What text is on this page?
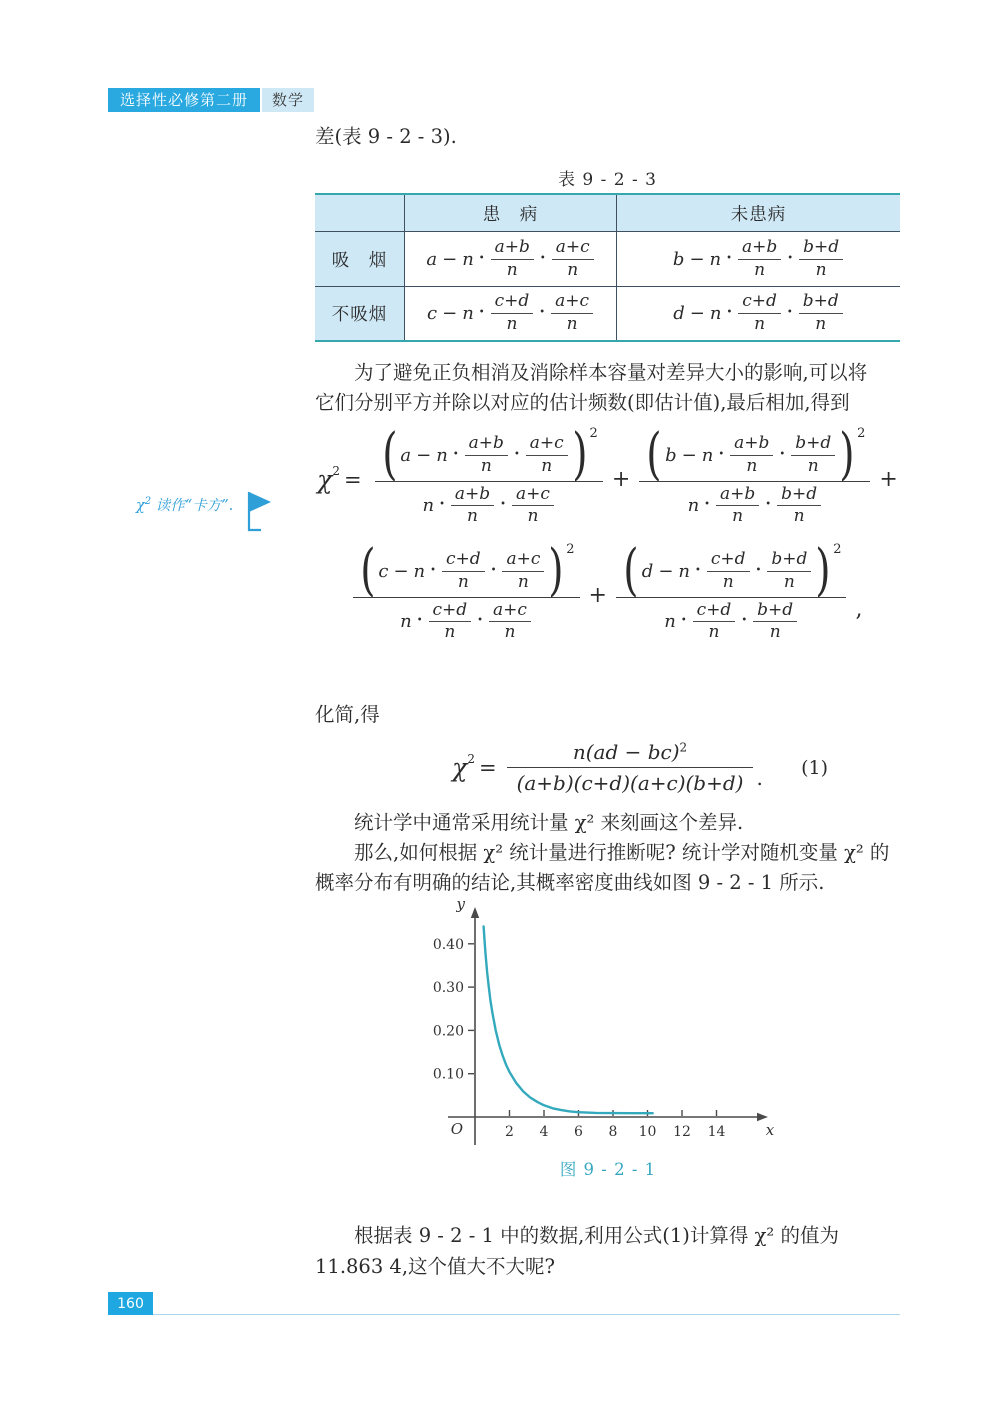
选择性必修第二册	数学
差(表 9 - 2 - 3).
表 9 - 2 - 3
患　病	未患病
吸　烟	a − n •
a+b
n
•
a+c
n	b − n •
a+b
n
•
b+d
n
不吸烟	c − n •
c+d
n
•
a+c
n	d − n •
c+d
n
•
b+d
n
为了避免正负相消及消除样本容量对差异大小的影响,可以将
它们分别平方并除以对应的估计频数(即估计值),最后相加,得到
$\chi^2$ 读作“卡方”.
χ 2 = ( a − n •
a+b
n
•
a+c
n ) 2
n •
a+b
n
•
a+c
n
+ ( b − n •
a+b
n
•
b+d
n ) 2
n •
a+b
n
•
b+d
n
+
( c − n •
c+d
n
•
a+c
n ) 2
n •
c+d
n
•
a+c
n
+ ( d − n •
c+d
n
•
b+d
n ) 2
n •
c+d
n
•
b+d
n
,
化简,得
χ $2 = \frac{n(ad - bc)^2}{(a+b)(c+d)(a+c)(b+d)}$ . (1)
统计学中通常采用统计量 χ² 来刻画这个差异.
那么,如何根据 χ² 统计量进行推断呢? 统计学对随机变量 χ² 的
概率分布有明确的结论,其概率密度曲线如图 9 - 2 - 1 所示.
2 4 6 8 10 12 14
0.10
0.20
0.30
0.40
y
x
O
图 9 - 2 - 1
根据表 9 - 2 - 1 中的数据,利用公式(1)计算得 χ² 的值为
11.863 4,这个值大不大呢?
160
